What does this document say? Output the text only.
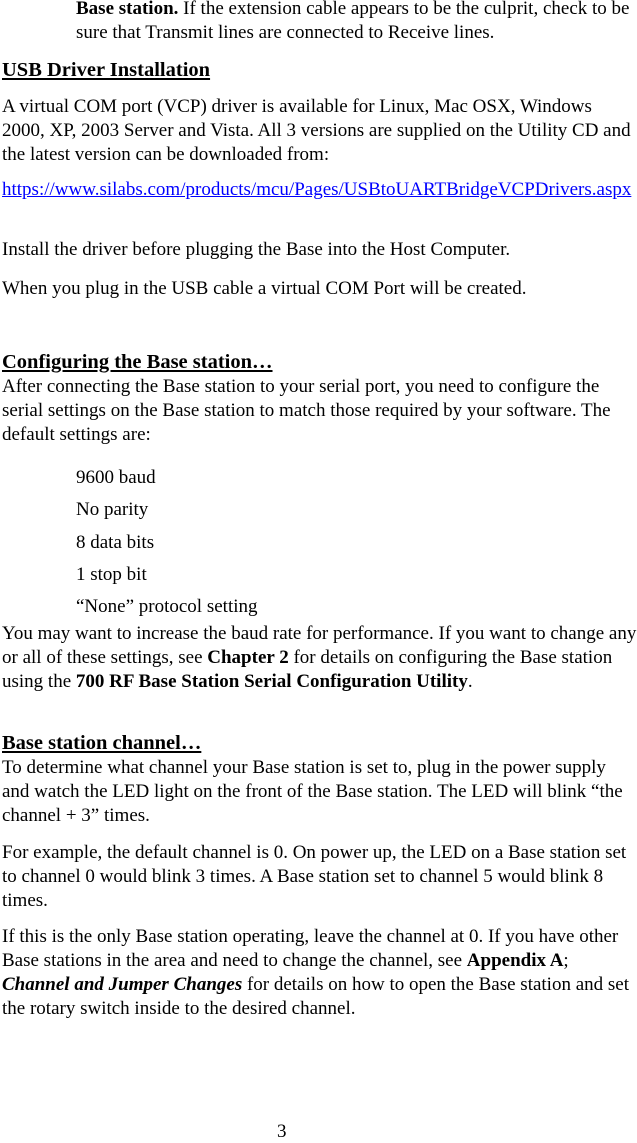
Base station. If the extension cable appears to be the culprit, check to be sure that Transmit lines are connected to Receive lines.
USB Driver Installation
A virtual COM port (VCP) driver is available for Linux, Mac OSX, Windows 2000, XP, 2003 Server and Vista. All 3 versions are supplied on the Utility CD and the latest version can be downloaded from:
https://www.silabs.com/products/mcu/Pages/USBtoUARTBridgeVCPDrivers.aspx
Install the driver before plugging the Base into the Host Computer.
When you plug in the USB cable a virtual COM Port will be created.
Configuring the Base station…
After connecting the Base station to your serial port, you need to configure the serial settings on the Base station to match those required by your software. The default settings are:
9600 baud
No parity
8 data bits
1 stop bit
“None” protocol setting
You may want to increase the baud rate for performance. If you want to change any or all of these settings, see Chapter 2 for details on configuring the Base station using the 700 RF Base Station Serial Configuration Utility.
Base station channel…
To determine what channel your Base station is set to, plug in the power supply and watch the LED light on the front of the Base station. The LED will blink “the channel + 3” times.
For example, the default channel is 0. On power up, the LED on a Base station set to channel 0 would blink 3 times. A Base station set to channel 5 would blink 8 times.
If this is the only Base station operating, leave the channel at 0. If you have other Base stations in the area and need to change the channel, see Appendix A; Channel and Jumper Changes for details on how to open the Base station and set the rotary switch inside to the desired channel.
3
